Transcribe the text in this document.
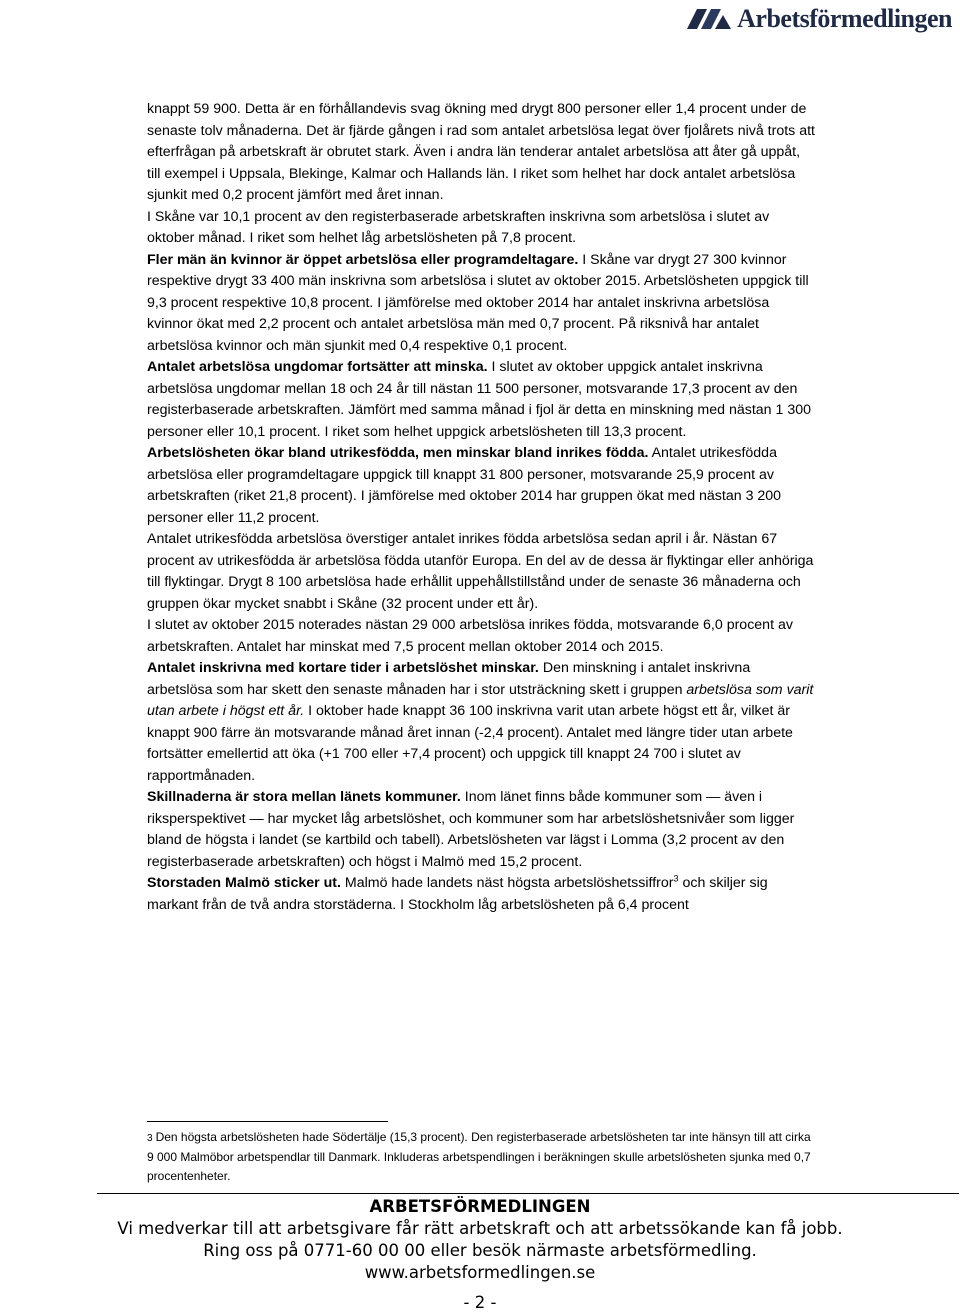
Arbetsförmedlingen

knappt 59 900. Detta är en förhållandevis svag ökning med drygt 800 personer eller 1,4 procent under de senaste tolv månaderna. Det är fjärde gången i rad som antalet arbetslösa legat över fjolårets nivå trots att efterfrågan på arbetskraft är obrutet stark. Även i andra län tenderar antalet arbetslösa att åter gå uppåt, till exempel i Uppsala, Blekinge, Kalmar och Hallands län. I riket som helhet har dock antalet arbetslösa sjunkit med 0,2 procent jämfört med året innan.

I Skåne var 10,1 procent av den registerbaserade arbetskraften inskrivna som arbetslösa i slutet av oktober månad. I riket som helhet låg arbetslösheten på 7,8 procent.

Fler män än kvinnor är öppet arbetslösa eller programdeltagare. I Skåne var drygt 27 300 kvinnor respektive drygt 33 400 män inskrivna som arbetslösa i slutet av oktober 2015. Arbetslösheten uppgick till 9,3 procent respektive 10,8 procent. I jämförelse med oktober 2014 har antalet inskrivna arbetslösa kvinnor ökat med 2,2 procent och antalet arbetslösa män med 0,7 procent. På riksnivå har antalet arbetslösa kvinnor och män sjunkit med 0,4 respektive 0,1 procent.

Antalet arbetslösa ungdomar fortsätter att minska. I slutet av oktober uppgick antalet inskrivna arbetslösa ungdomar mellan 18 och 24 år till nästan 11 500 personer, motsvarande 17,3 procent av den registerbaserade arbetskraften. Jämfört med samma månad i fjol är detta en minskning med nästan 1 300 personer eller 10,1 procent. I riket som helhet uppgick arbetslösheten till 13,3 procent.

Arbetslösheten ökar bland utrikesfödda, men minskar bland inrikes födda. Antalet utrikesfödda arbetslösa eller programdeltagare uppgick till knappt 31 800 personer, motsvarande 25,9 procent av arbetskraften (riket 21,8 procent). I jämförelse med oktober 2014 har gruppen ökat med nästan 3 200 personer eller 11,2 procent.

Antalet utrikesfödda arbetslösa överstiger antalet inrikes födda arbetslösa sedan april i år. Nästan 67 procent av utrikesfödda är arbetslösa födda utanför Europa. En del av de dessa är flyktingar eller anhöriga till flyktingar. Drygt 8 100 arbetslösa hade erhållit uppehållstillstånd under de senaste 36 månaderna och gruppen ökar mycket snabbt i Skåne (32 procent under ett år).

I slutet av oktober 2015 noterades nästan 29 000 arbetslösa inrikes födda, motsvarande 6,0 procent av arbetskraften. Antalet har minskat med 7,5 procent mellan oktober 2014 och 2015.

Antalet inskrivna med kortare tider i arbetslöshet minskar. Den minskning i antalet inskrivna arbetslösa som har skett den senaste månaden har i stor utsträckning skett i gruppen arbetslösa som varit utan arbete i högst ett år. I oktober hade knappt 36 100 inskrivna varit utan arbete högst ett år, vilket är knappt 900 färre än motsvarande månad året innan (-2,4 procent). Antalet med längre tider utan arbete fortsätter emellertid att öka (+1 700 eller +7,4 procent) och uppgick till knappt 24 700 i slutet av rapportmånaden.

Skillnaderna är stora mellan länets kommuner. Inom länet finns både kommuner som — även i riksperspektivet — har mycket låg arbetslöshet, och kommuner som har arbetslöshetsnivåer som ligger bland de högsta i landet (se kartbild och tabell). Arbetslösheten var lägst i Lomma (3,2 procent av den registerbaserade arbetskraften) och högst i Malmö med 15,2 procent.

Storstaden Malmö sticker ut. Malmö hade landets näst högsta arbetslöshetssiffror$^3$ och skiljer sig markant från de två andra storstäderna. I Stockholm låg arbetslösheten på 6,4 procent

3 Den högsta arbetslösheten hade Södertälje (15,3 procent). Den registerbaserade arbetslösheten tar inte hänsyn till att cirka 9 000 Malmöbor arbetspendlar till Danmark. Inkluderas arbetspendlingen i beräkningen skulle arbetslösheten sjunka med 0,7 procentenheter.
ARBETSFÖRMEDLINGEN
Vi medverkar till att arbetsgivare får rätt arbetskraft och att arbetssökande kan få jobb.
Ring oss på 0771-60 00 00 eller besök närmaste arbetsförmedling.
www.arbetsformedlingen.se
- 2 -
